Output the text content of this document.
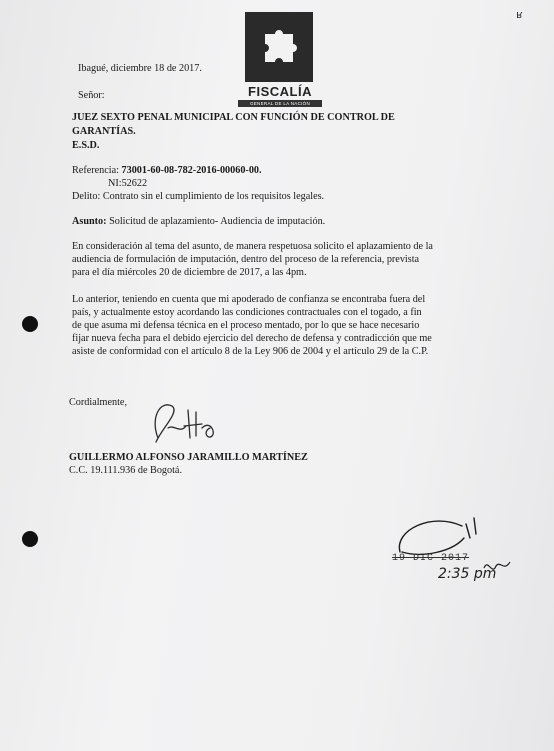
ʁ
FISCALÍA
GENERAL DE LA NACIÓN
Ibagué, diciembre 18 de 2017.
Señor:
JUEZ SEXTO PENAL MUNICIPAL CON FUNCIÓN DE CONTROL DE
GARANTÍAS.
E.S.D.
Referencia: 73001-60-08-782-2016-00060-00.
NI:52622
Delito: Contrato sin el cumplimiento de los requisitos legales.
Asunto: Solicitud de aplazamiento- Audiencia de imputación.
En consideración al tema del asunto, de manera respetuosa solicito el aplazamiento de la
audiencia de formulación de imputación, dentro del proceso de la referencia, prevista
para el día miércoles 20 de diciembre de 2017, a las 4pm.
Lo anterior, teniendo en cuenta que mi apoderado de confianza se encontraba fuera del
país, y actualmente estoy acordando las condiciones contractuales con el togado, a fin
de que asuma mi defensa técnica en el proceso mentado, por lo que se hace necesario
fijar nueva fecha para el debido ejercicio del derecho de defensa y contradicción que me
asiste de conformidad con el artículo 8 de la Ley 906 de 2004 y el artículo 29 de la C.P.
Cordialmente,
GUILLERMO ALFONSO JARAMILLO MARTÍNEZ
C.C. 19.111.936 de Bogotá.
19 DIC 2017
2:35 pm
